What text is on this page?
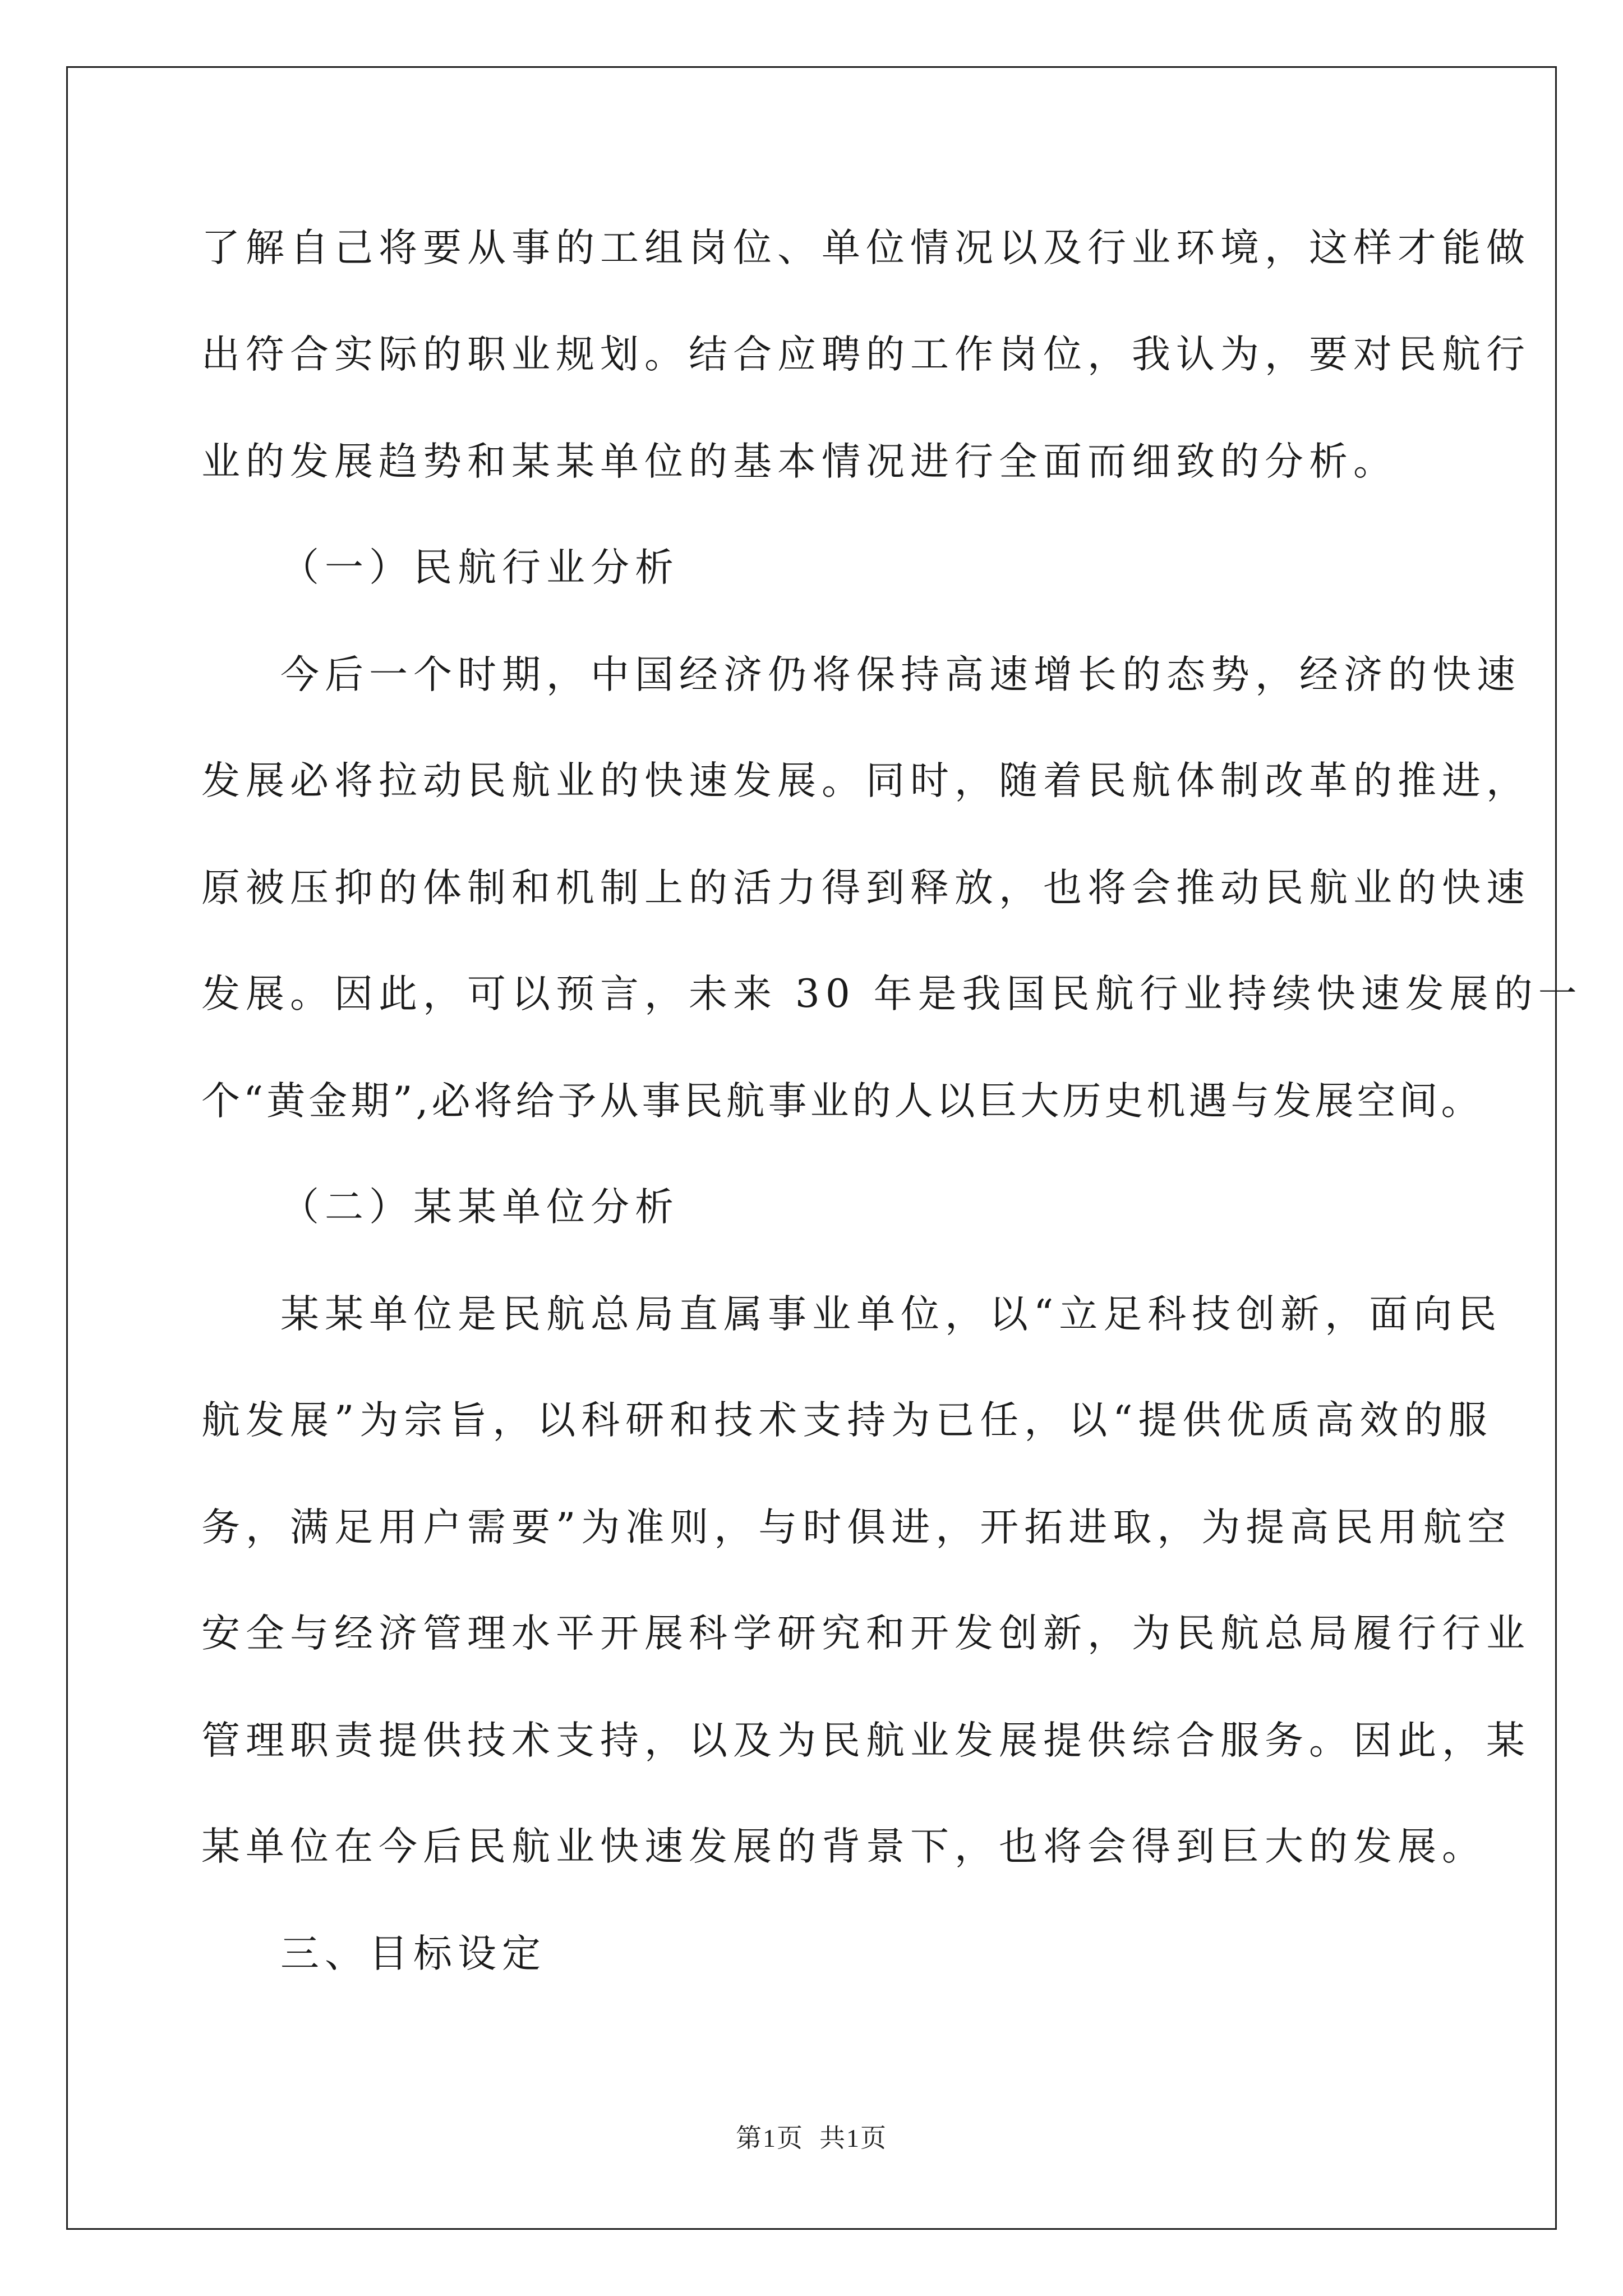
了解自己将要从事的工组岗位、单位情况以及行业环境，这样才能做
出符合实际的职业规划。结合应聘的工作岗位，我认为，要对民航行
业的发展趋势和某某单位的基本情况进行全面而细致的分析。
（一）民航行业分析
今后一个时期，中国经济仍将保持高速增长的态势，经济的快速
发展必将拉动民航业的快速发展。同时，随着民航体制改革的推进，
原被压抑的体制和机制上的活力得到释放，也将会推动民航业的快速
发展。因此，可以预言，未来 30 年是我国民航行业持续快速发展的一
个“黄金期”,必将给予从事民航事业的人以巨大历史机遇与发展空间。
（二）某某单位分析
某某单位是民航总局直属事业单位，以“立足科技创新，面向民
航发展”为宗旨，以科研和技术支持为已任，以“提供优质高效的服
务，满足用户需要”为准则，与时俱进，开拓进取，为提高民用航空
安全与经济管理水平开展科学研究和开发创新，为民航总局履行行业
管理职责提供技术支持，以及为民航业发展提供综合服务。因此，某
某单位在今后民航业快速发展的背景下，也将会得到巨大的发展。
三、目标设定
第1页 共1页
